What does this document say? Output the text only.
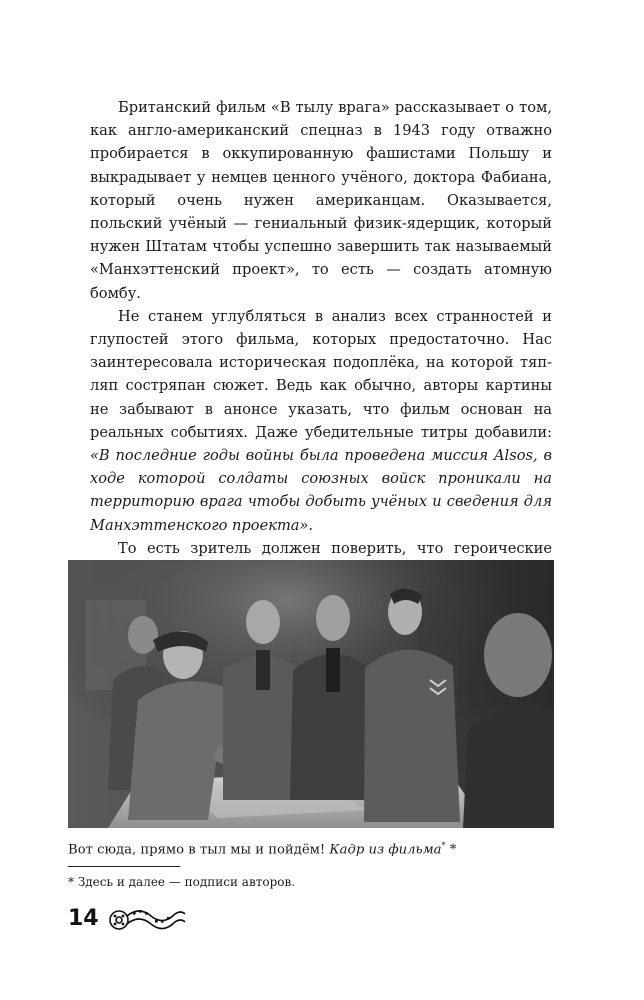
Британский фильм «В тылу врага» рассказывает о том, как англо-американский спецназ в 1943 году отважно пробирается в оккупированную фашистами Польшу и выкрадывает у немцев ценного учёного, доктора Фабиана, который очень нужен американцам. Оказывается, польский учёный — гениальный физик-ядерщик, который нужен Штатам чтобы успешно завершить так называемый «Манхэттенский проект», то есть — создать атомную бомбу.

Не станем углубляться в анализ всех странностей и глупостей этого фильма, которых предостаточно. Нас заинтересовала историческая подоплёка, на которой тяп-ляп состряпан сюжет. Ведь как обычно, авторы картины не забывают в анонсе указать, что фильм основан на реальных событиях. Даже убедительные титры добавили: «В последние годы войны была проведена миссия Alsos, в ходе которой солдаты союзных войск проникали на территорию врага чтобы добыть учёных и сведения для Манхэттенского проекта».

То есть зритель должен поверить, что героические

Вот сюда, прямо в тыл мы и пойдём! Кадр из фильма* *

* Здесь и далее — подписи авторов.

14
